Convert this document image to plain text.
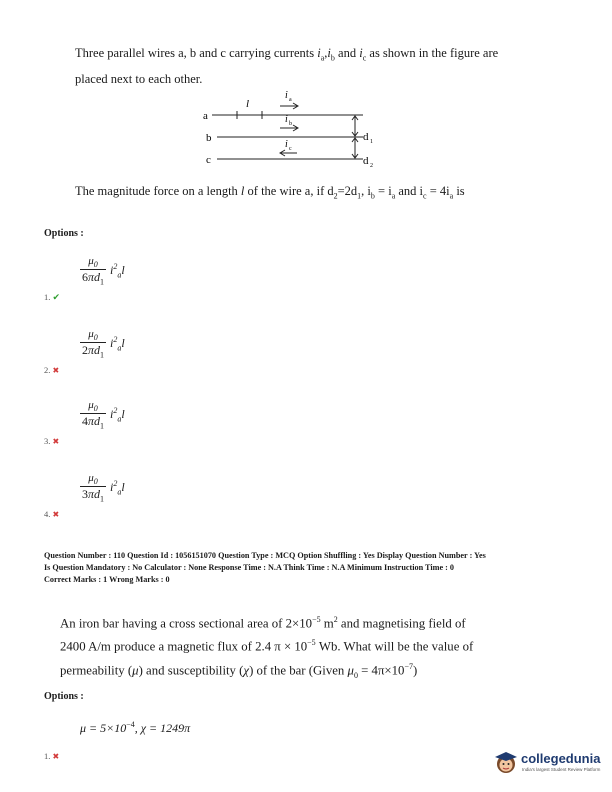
Three parallel wires a, b and c carrying currents $i_a,i_b$ and $i_c$ as shown in the figure are
placed next to each other.
a
b
c
l
i a
i b
i c
d 1
d 2
The magnitude force on a length l of the wire a, if $d_2=2d_1$, $i_b = i_a$ and $i_c = 4i_a$ is
Options :
$\frac{\mu_0}{6\pi d_1} i^2_al$
1. ✔
$\frac{\mu_0}{2\pi d_1} i^2_al$
2. ✖
$\frac{\mu_0}{4\pi d_1} i^2_al$
3. ✖
$\frac{\mu_0}{3\pi d_1} i^2_al$
4. ✖
Question Number : 110 Question Id : 1056151070 Question Type : MCQ Option Shuffling : Yes Display Question Number : Yes
Is Question Mandatory : No Calculator : None Response Time : N.A Think Time : N.A Minimum Instruction Time : 0
Correct Marks : 1 Wrong Marks : 0
An iron bar having a cross sectional area of $2\times 10^{-5}$ $m^2$ and magnetising field of
2400 A/m produce a magnetic flux of 2.4 $\pi \times 10^{-5}$ Wb. What will be the value of
permeability (μ) and susceptibility (χ) of the bar (Given $\mu_0 = 4\pi\times 10^{-7}$)
Options :
$\mu = 5\times 10^{-4}$, χ = 1249π
1. ✖	collegedunia
India's largest Student Review Platform
